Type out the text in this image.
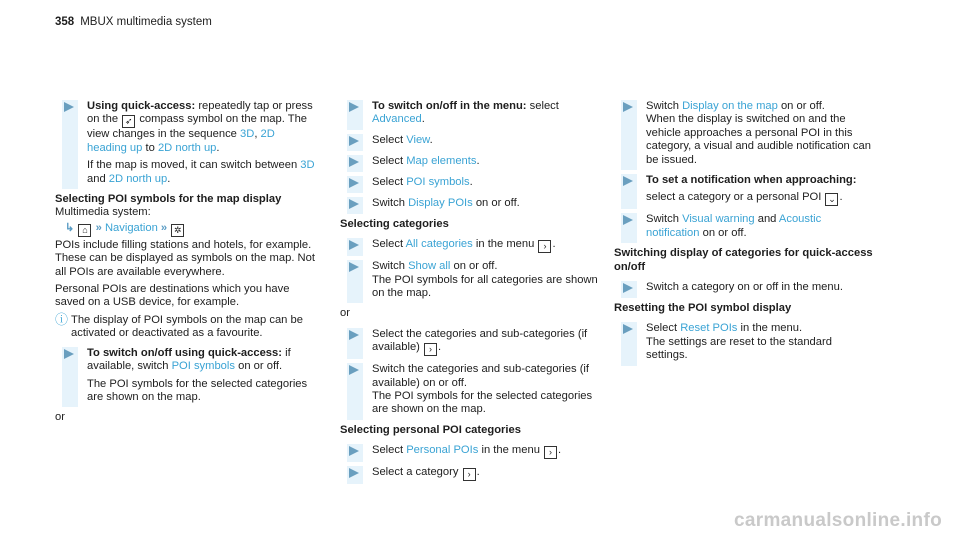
358 MBUX multimedia system
Using quick-access: repeatedly tap or press on the ➶ compass symbol on the map. The view changes in the sequence 3D, 2D heading up to 2D north up.
If the map is moved, it can switch between 3D and 2D north up.
Selecting POI symbols for the map display
Multimedia system:
↳ ⌂ » Navigation » ✲
POIs include filling stations and hotels, for example. These can be displayed as symbols on the map. Not all POIs are available everywhere.
Personal POIs are destinations which you have saved on a USB device, for example.
ⓘ The display of POI symbols on the map can be activated or deactivated as a favourite.
To switch on/off using quick-access: if available, switch POI symbols on or off.
The POI symbols for the selected categories are shown on the map.
or
To switch on/off in the menu: select Advanced.
Select View.
Select Map elements.
Select POI symbols.
Switch Display POIs on or off.
Selecting categories
Select All categories in the menu › .
Switch Show all on or off.
The POI symbols for all categories are shown on the map.
or
Select the categories and sub-categories (if available) › .
Switch the categories and sub-categories (if available) on or off.
The POI symbols for the selected categories are shown on the map.
Selecting personal POI categories
Select Personal POIs in the menu › .
Select a category › .
Switch Display on the map on or off.
When the display is switched on and the vehicle approaches a personal POI in this category, a visual and audible notification can be issued.
To set a notification when approaching:
select a category or a personal POI ⌄ .
Switch Visual warning and Acoustic notification on or off.
Switching display of categories for quick-access on/off
Switch a category on or off in the menu.
Resetting the POI symbol display
Select Reset POIs in the menu.
The settings are reset to the standard settings.
carmanualsonline.info
